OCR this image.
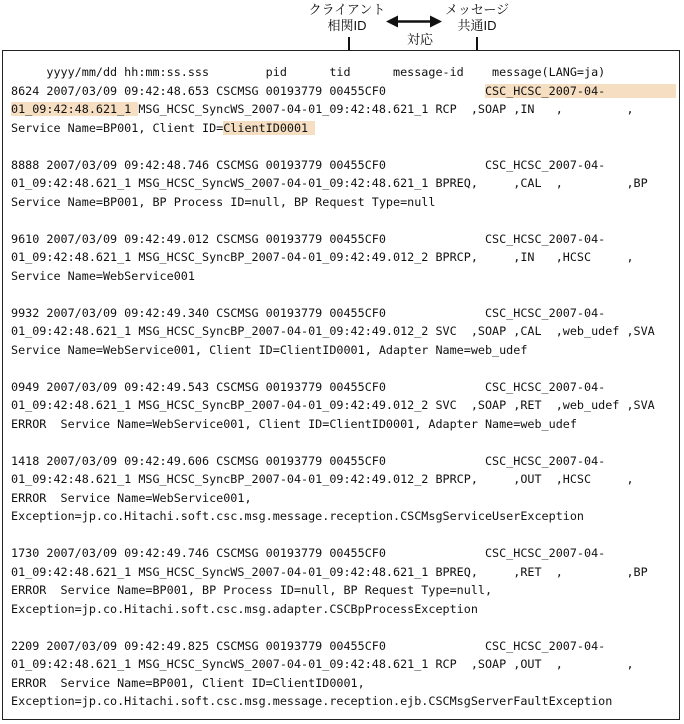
クライアント
相関ID
メッセージ
共通ID
対応
yyyy/mm/dd hh:mm:ss.sss        pid      tid      message-id    message(LANG=ja)
8624 2007/03/09 09:42:48.653 CSCMSG 00193779 00455CF0              CSC_HCSC_2007-04-
01_09:42:48.621_1 MSG_HCSC_SyncWS_2007-04-01_09:42:48.621_1 RCP  ,SOAP ,IN   ,         ,
Service Name=BP001, Client ID=ClientID0001

8888 2007/03/09 09:42:48.746 CSCMSG 00193779 00455CF0              CSC_HCSC_2007-04-
01_09:42:48.621_1 MSG_HCSC_SyncWS_2007-04-01_09:42:48.621_1 BPREQ,     ,CAL  ,         ,BP
Service Name=BP001, BP Process ID=null, BP Request Type=null

9610 2007/03/09 09:42:49.012 CSCMSG 00193779 00455CF0              CSC_HCSC_2007-04-
01_09:42:48.621_1 MSG_HCSC_SyncBP_2007-04-01_09:42:49.012_2 BPRCP,     ,IN   ,HCSC     ,
Service Name=WebService001

9932 2007/03/09 09:42:49.340 CSCMSG 00193779 00455CF0              CSC_HCSC_2007-04-
01_09:42:48.621_1 MSG_HCSC_SyncBP_2007-04-01_09:42:49.012_2 SVC  ,SOAP ,CAL  ,web_udef ,SVA
Service Name=WebService001, Client ID=ClientID0001, Adapter Name=web_udef

0949 2007/03/09 09:42:49.543 CSCMSG 00193779 00455CF0              CSC_HCSC_2007-04-
01_09:42:48.621_1 MSG_HCSC_SyncBP_2007-04-01_09:42:49.012_2 SVC  ,SOAP ,RET  ,web_udef ,SVA
ERROR  Service Name=WebService001, Client ID=ClientID0001, Adapter Name=web_udef

1418 2007/03/09 09:42:49.606 CSCMSG 00193779 00455CF0              CSC_HCSC_2007-04-
01_09:42:48.621_1 MSG_HCSC_SyncBP_2007-04-01_09:42:49.012_2 BPRCP,     ,OUT  ,HCSC     ,
ERROR  Service Name=WebService001,
Exception=jp.co.Hitachi.soft.csc.msg.message.reception.CSCMsgServiceUserException

1730 2007/03/09 09:42:49.746 CSCMSG 00193779 00455CF0              CSC_HCSC_2007-04-
01_09:42:48.621_1 MSG_HCSC_SyncWS_2007-04-01_09:42:48.621_1 BPREQ,     ,RET  ,         ,BP
ERROR  Service Name=BP001, BP Process ID=null, BP Request Type=null,
Exception=jp.co.Hitachi.soft.csc.msg.adapter.CSCBpProcessException

2209 2007/03/09 09:42:49.825 CSCMSG 00193779 00455CF0              CSC_HCSC_2007-04-
01_09:42:48.621_1 MSG_HCSC_SyncWS_2007-04-01_09:42:48.621_1 RCP  ,SOAP ,OUT  ,         ,
ERROR  Service Name=BP001, Client ID=ClientID0001,
Exception=jp.co.Hitachi.soft.csc.msg.message.reception.ejb.CSCMsgServerFaultException
